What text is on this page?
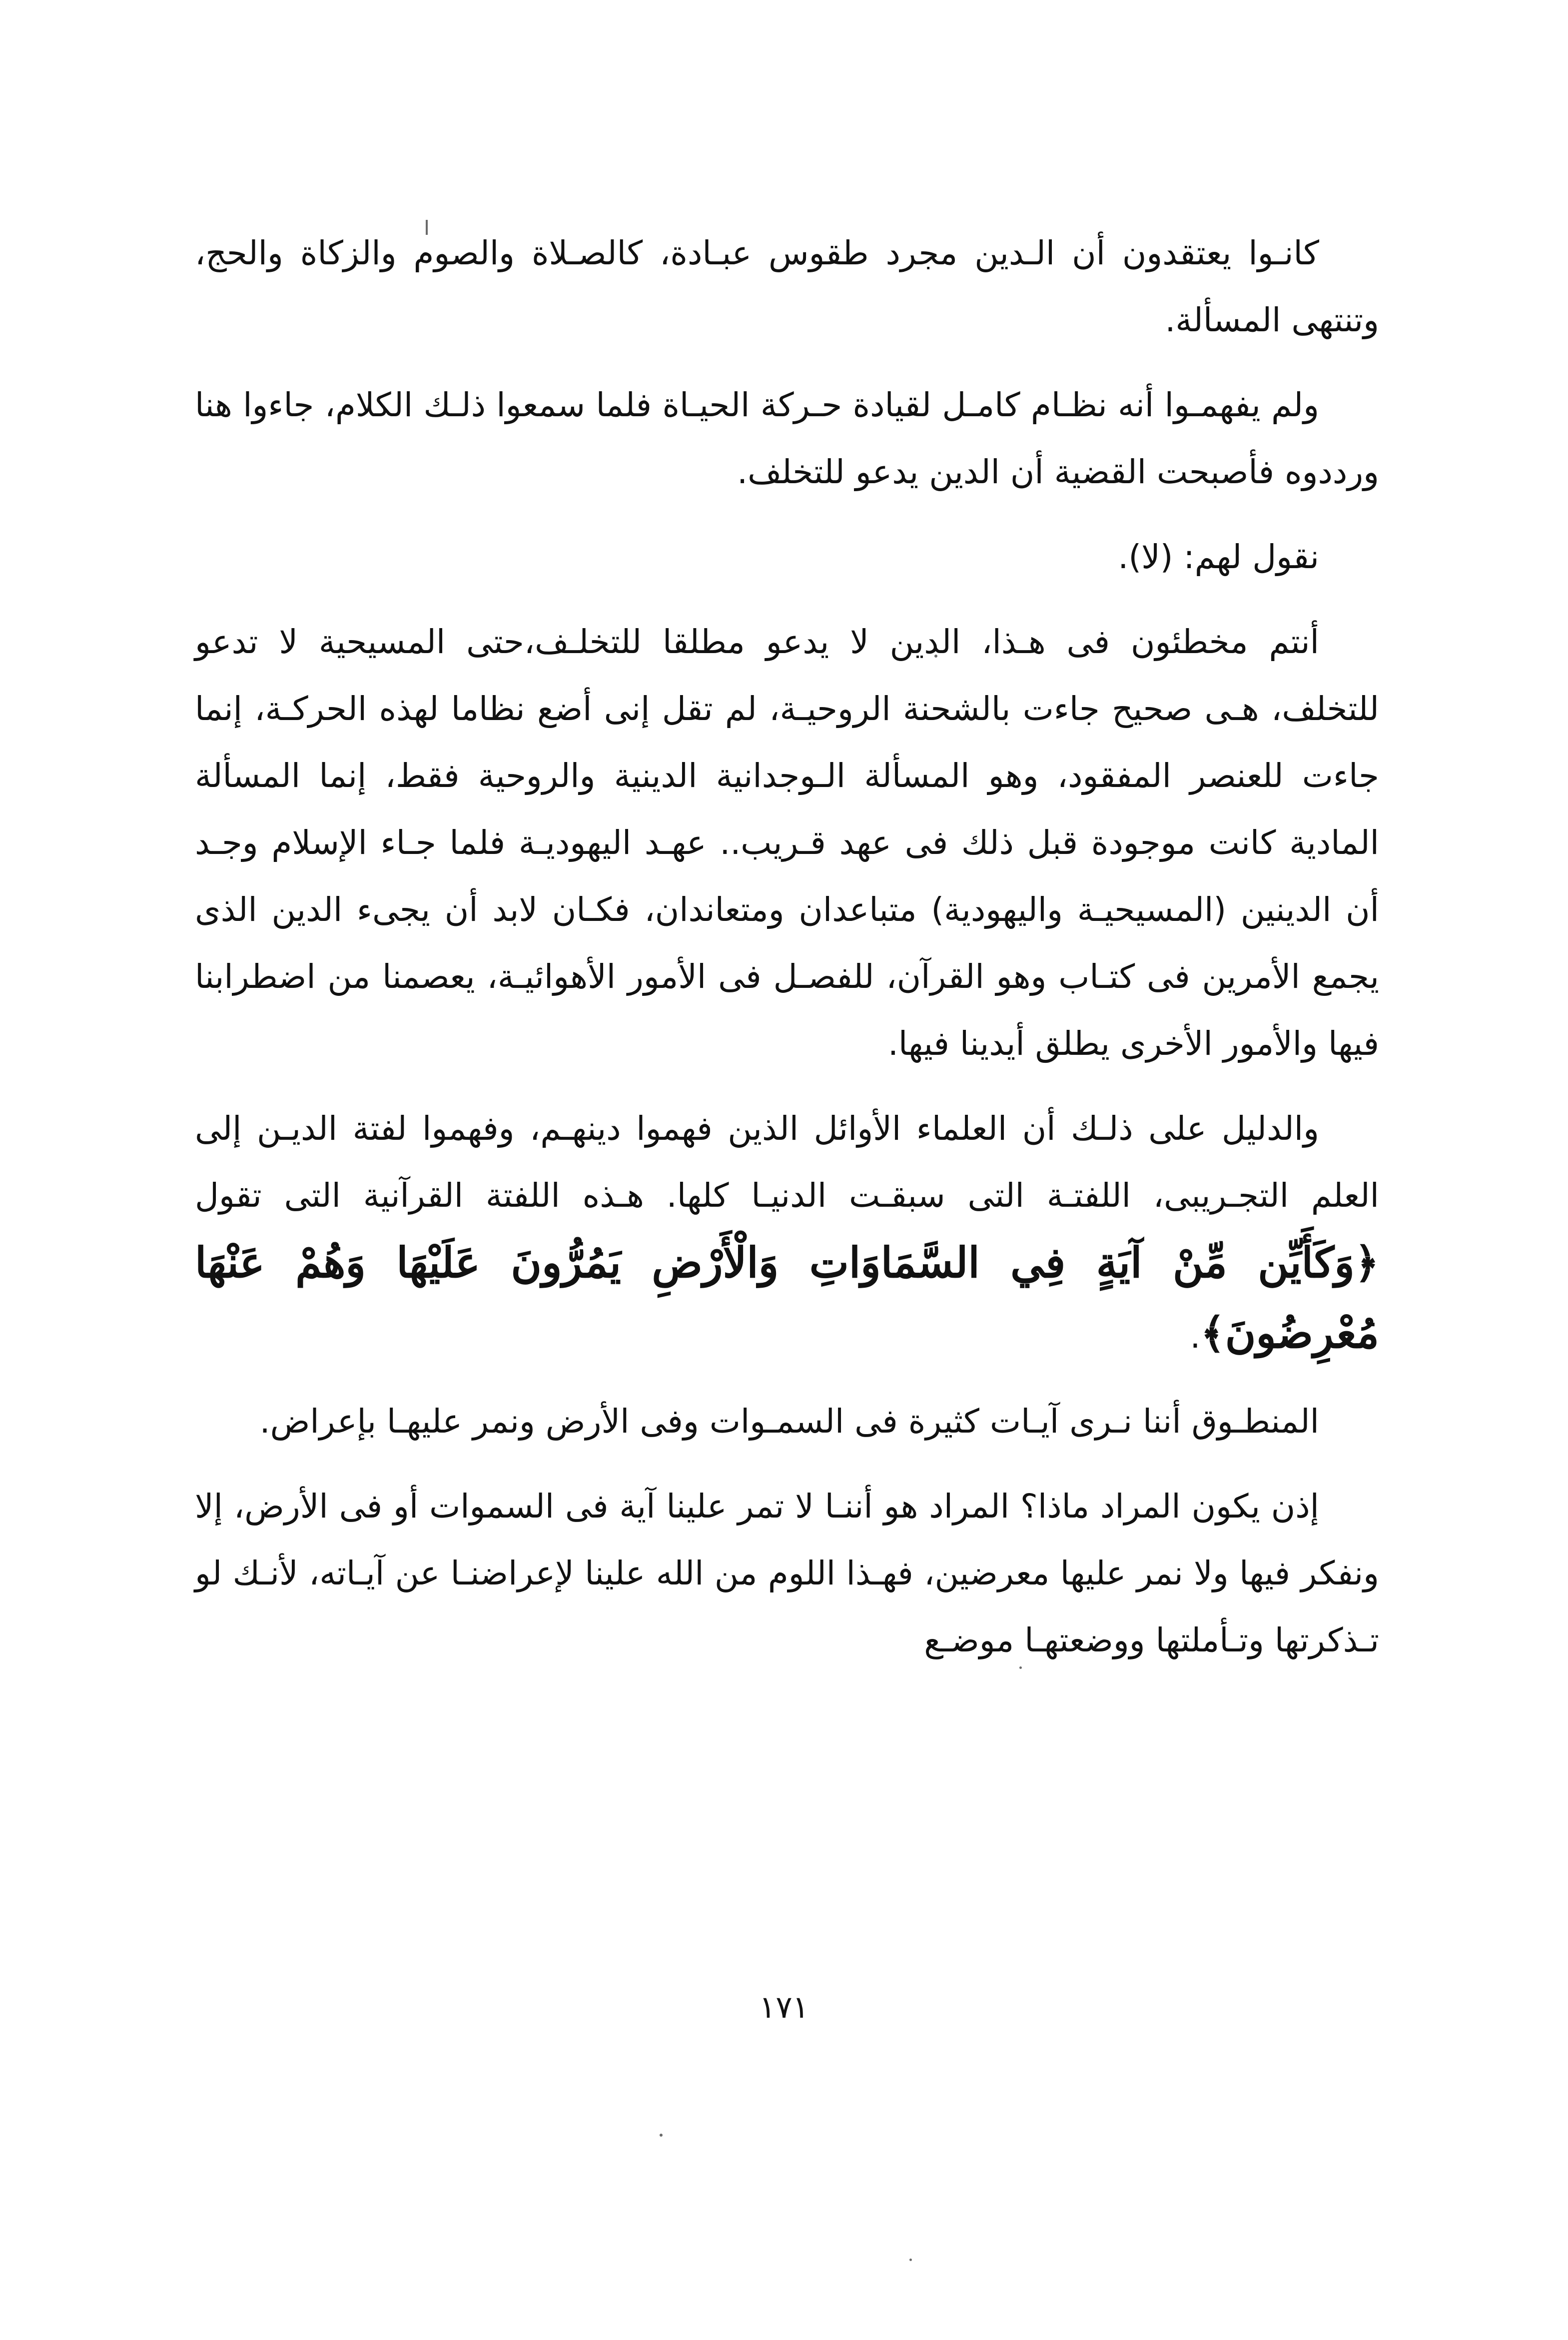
كانـوا يعتقدون أن الـدين مجرد طقوس عبـادة، كالصـلاة والصوم والزكاة والحج، وتنتهى المسألة.

ولم يفهمـوا أنه نظـام كامـل لقيادة حـركة الحيـاة فلما سمعوا ذلـك الكلام، جاءوا هنا ورددوه فأصبحت القضية أن الدين يدعو للتخلف.

نقول لهم: (لا).

أنتم مخطئون فى هـذا، الدين لا يدعو مطلقا للتخلـف،حتى المسيحية لا تدعو للتخلف، هـى صحيح جاءت بالشحنة الروحيـة، لم تقل إنى أضع نظاما لهذه الحركـة، إنما جاءت للعنصر المفقود، وهو المسألة الـوجدانية الدينية والروحية فقط، إنما المسألة المادية كانت موجودة قبل ذلك فى عهد قـريب.. عهـد اليهوديـة فلما جـاء الإسلام وجـد أن الدينين (المسيحيـة واليهودية) متباعدان ومتعاندان، فكـان لابد أن يجىء الدين الذى يجمع الأمرين فى كتـاب وهو القرآن، للفصـل فى الأمور الأهوائيـة، يعصمنا من اضطرابنا فيها والأمور الأخرى يطلق أيدينا فيها.

والدليل على ذلـك أن العلماء الأوائل الذين فهموا دينهـم، وفهموا لفتة الديـن إلى العلم التجـريبى، اللفتـة التى سبقـت الدنيـا كلها. هـذه اللفتة القرآنية التى تقول ﴿وَكَأَيِّن مِّنْ آيَةٍ فِي السَّمَاوَاتِ وَالْأَرْضِ يَمُرُّونَ عَلَيْهَا وَهُمْ عَنْهَا مُعْرِضُونَ﴾.

المنطـوق أننا نـرى آيـات كثيرة فى السمـوات وفى الأرض ونمر عليهـا بإعراض.

إذن يكون المراد ماذا؟ المراد هو أننـا لا تمر علينا آية فى السموات أو فى الأرض، إلا ونفكر فيها ولا نمر عليها معرضين، فهـذا اللوم من الله علينا لإعراضنـا عن آيـاته، لأنـك لو تـذكرتها وتـأملتها ووضعتهـا موضـع

١٧١
